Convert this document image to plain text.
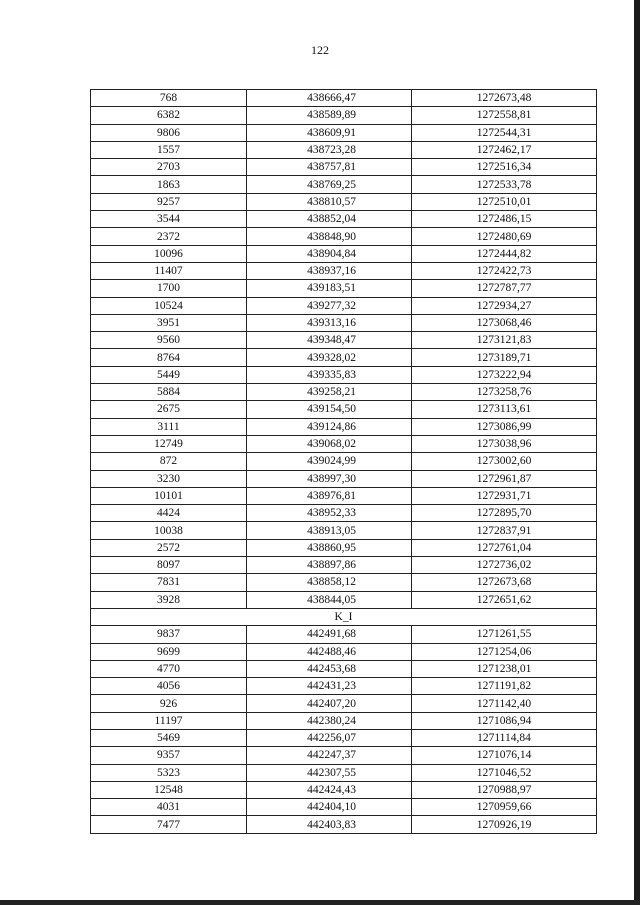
122
768	438666,47	1272673,48
6382	438589,89	1272558,81
9806	438609,91	1272544,31
1557	438723,28	1272462,17
2703	438757,81	1272516,34
1863	438769,25	1272533,78
9257	438810,57	1272510,01
3544	438852,04	1272486,15
2372	438848,90	1272480,69
10096	438904,84	1272444,82
11407	438937,16	1272422,73
1700	439183,51	1272787,77
10524	439277,32	1272934,27
3951	439313,16	1273068,46
9560	439348,47	1273121,83
8764	439328,02	1273189,71
5449	439335,83	1273222,94
5884	439258,21	1273258,76
2675	439154,50	1273113,61
3111	439124,86	1273086,99
12749	439068,02	1273038,96
872	439024,99	1273002,60
3230	438997,30	1272961,87
10101	438976,81	1272931,71
4424	438952,33	1272895,70
10038	438913,05	1272837,91
2572	438860,95	1272761,04
8097	438897,86	1272736,02
7831	438858,12	1272673,68
3928	438844,05	1272651,62
K_I		
9837	442491,68	1271261,55
9699	442488,46	1271254,06
4770	442453,68	1271238,01
4056	442431,23	1271191,82
926	442407,20	1271142,40
11197	442380,24	1271086,94
5469	442256,07	1271114,84
9357	442247,37	1271076,14
5323	442307,55	1271046,52
12548	442424,43	1270988,97
4031	442404,10	1270959,66
7477	442403,83	1270926,19
